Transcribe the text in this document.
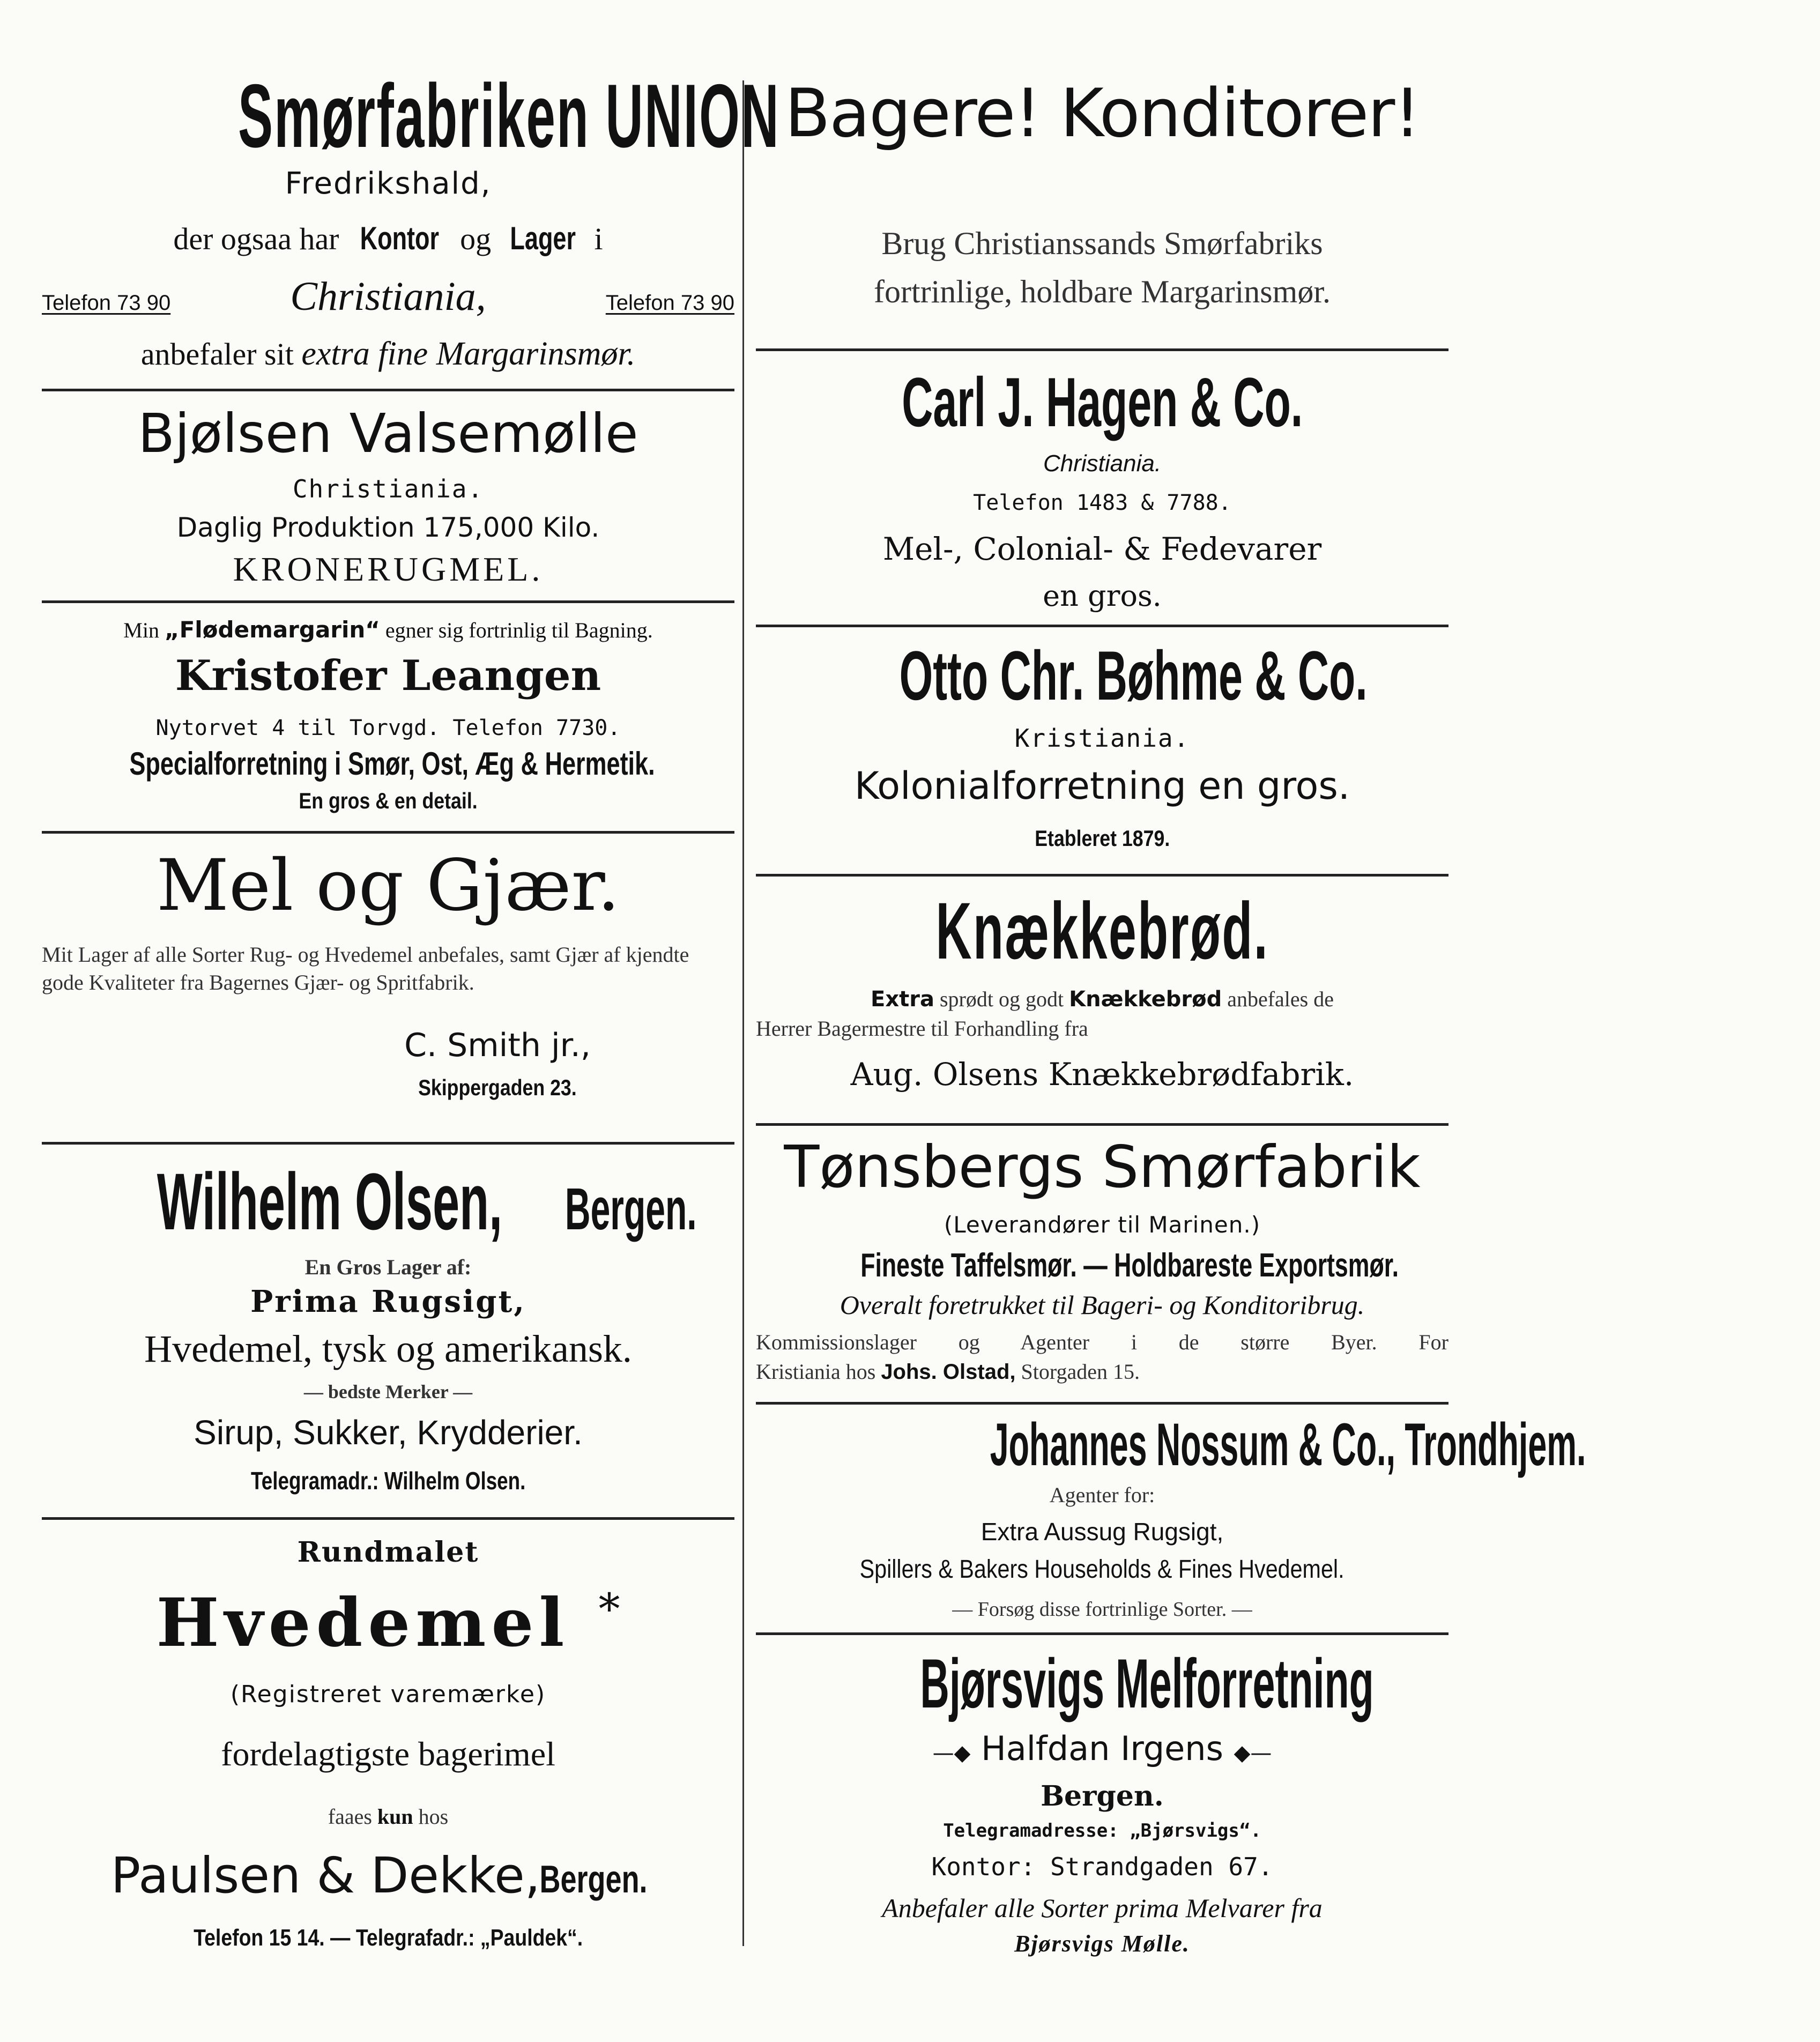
Smørfabriken UNION
Fredrikshald,
der ogsaa har Kontor og Lager i
Telefon 73 90	Christiania,	Telefon 73 90
anbefaler sit extra fine Margarinsmør.
Bjølsen Valsemølle
Christiania.
Daglig Produktion 175,000 Kilo.
KRONERUGMEL.
Min „Flødemargarin“ egner sig fortrinlig til Bagning.
Kristofer Leangen
Nytorvet 4 til Torvgd. Telefon 7730.
Specialforretning i Smør, Ost, Æg & Hermetik.
En gros & en detail.
Mel og Gjær.
Mit Lager af alle Sorter Rug- og Hvedemel anbefales, samt Gjær af kjendte gode Kvaliteter fra Bagernes Gjær- og Spritfabrik.
C. Smith jr.,
Skippergaden 23.
Wilhelm Olsen, Bergen.
En Gros Lager af:
Prima Rugsigt,
Hvedemel, tysk og amerikansk.
— bedste Merker —
Sirup, Sukker, Krydderier.
Telegramadr.: Wilhelm Olsen.
Rundmalet
Hvedemel *
(Registreret varemærke)
fordelagtigste bagerimel
faaes kun hos
Paulsen & Dekke, Bergen.
Telefon 15 14. — Telegrafadr.: „Pauldek“.
Bagere! Konditorer!
Brug Christianssands Smørfabriks
fortrinlige, holdbare Margarinsmør.
Carl J. Hagen & Co.
Christiania.
Telefon 1483 & 7788.
Mel-, Colonial- & Fedevarer
en gros.
Otto Chr. Bøhme & Co.
Kristiania.
Kolonialforretning en gros.
Etableret 1879.
Knækkebrød.
Extra sprødt og godt Knækkebrød anbefales de
Herrer Bagermestre til Forhandling fra
Aug. Olsens Knækkebrødfabrik.
Tønsbergs Smørfabrik
(Leverandører til Marinen.)
Fineste Taffelsmør. — Holdbareste Exportsmør.
Overalt foretrukket til Bageri- og Konditoribrug.
Kommissionslager og Agenter i de større Byer. For
Kristiania hos Johs. Olstad, Storgaden 15.
Johannes Nossum & Co., Trondhjem.
Agenter for:
Extra Aussug Rugsigt,
Spillers & Bakers Households & Fines Hvedemel.
— Forsøg disse fortrinlige Sorter. —
Bjørsvigs Melforretning
—◆ Halfdan Irgens ◆—
Bergen.
Telegramadresse: „Bjørsvigs“.
Kontor: Strandgaden 67.
Anbefaler alle Sorter prima Melvarer fra
Bjørsvigs Mølle.
